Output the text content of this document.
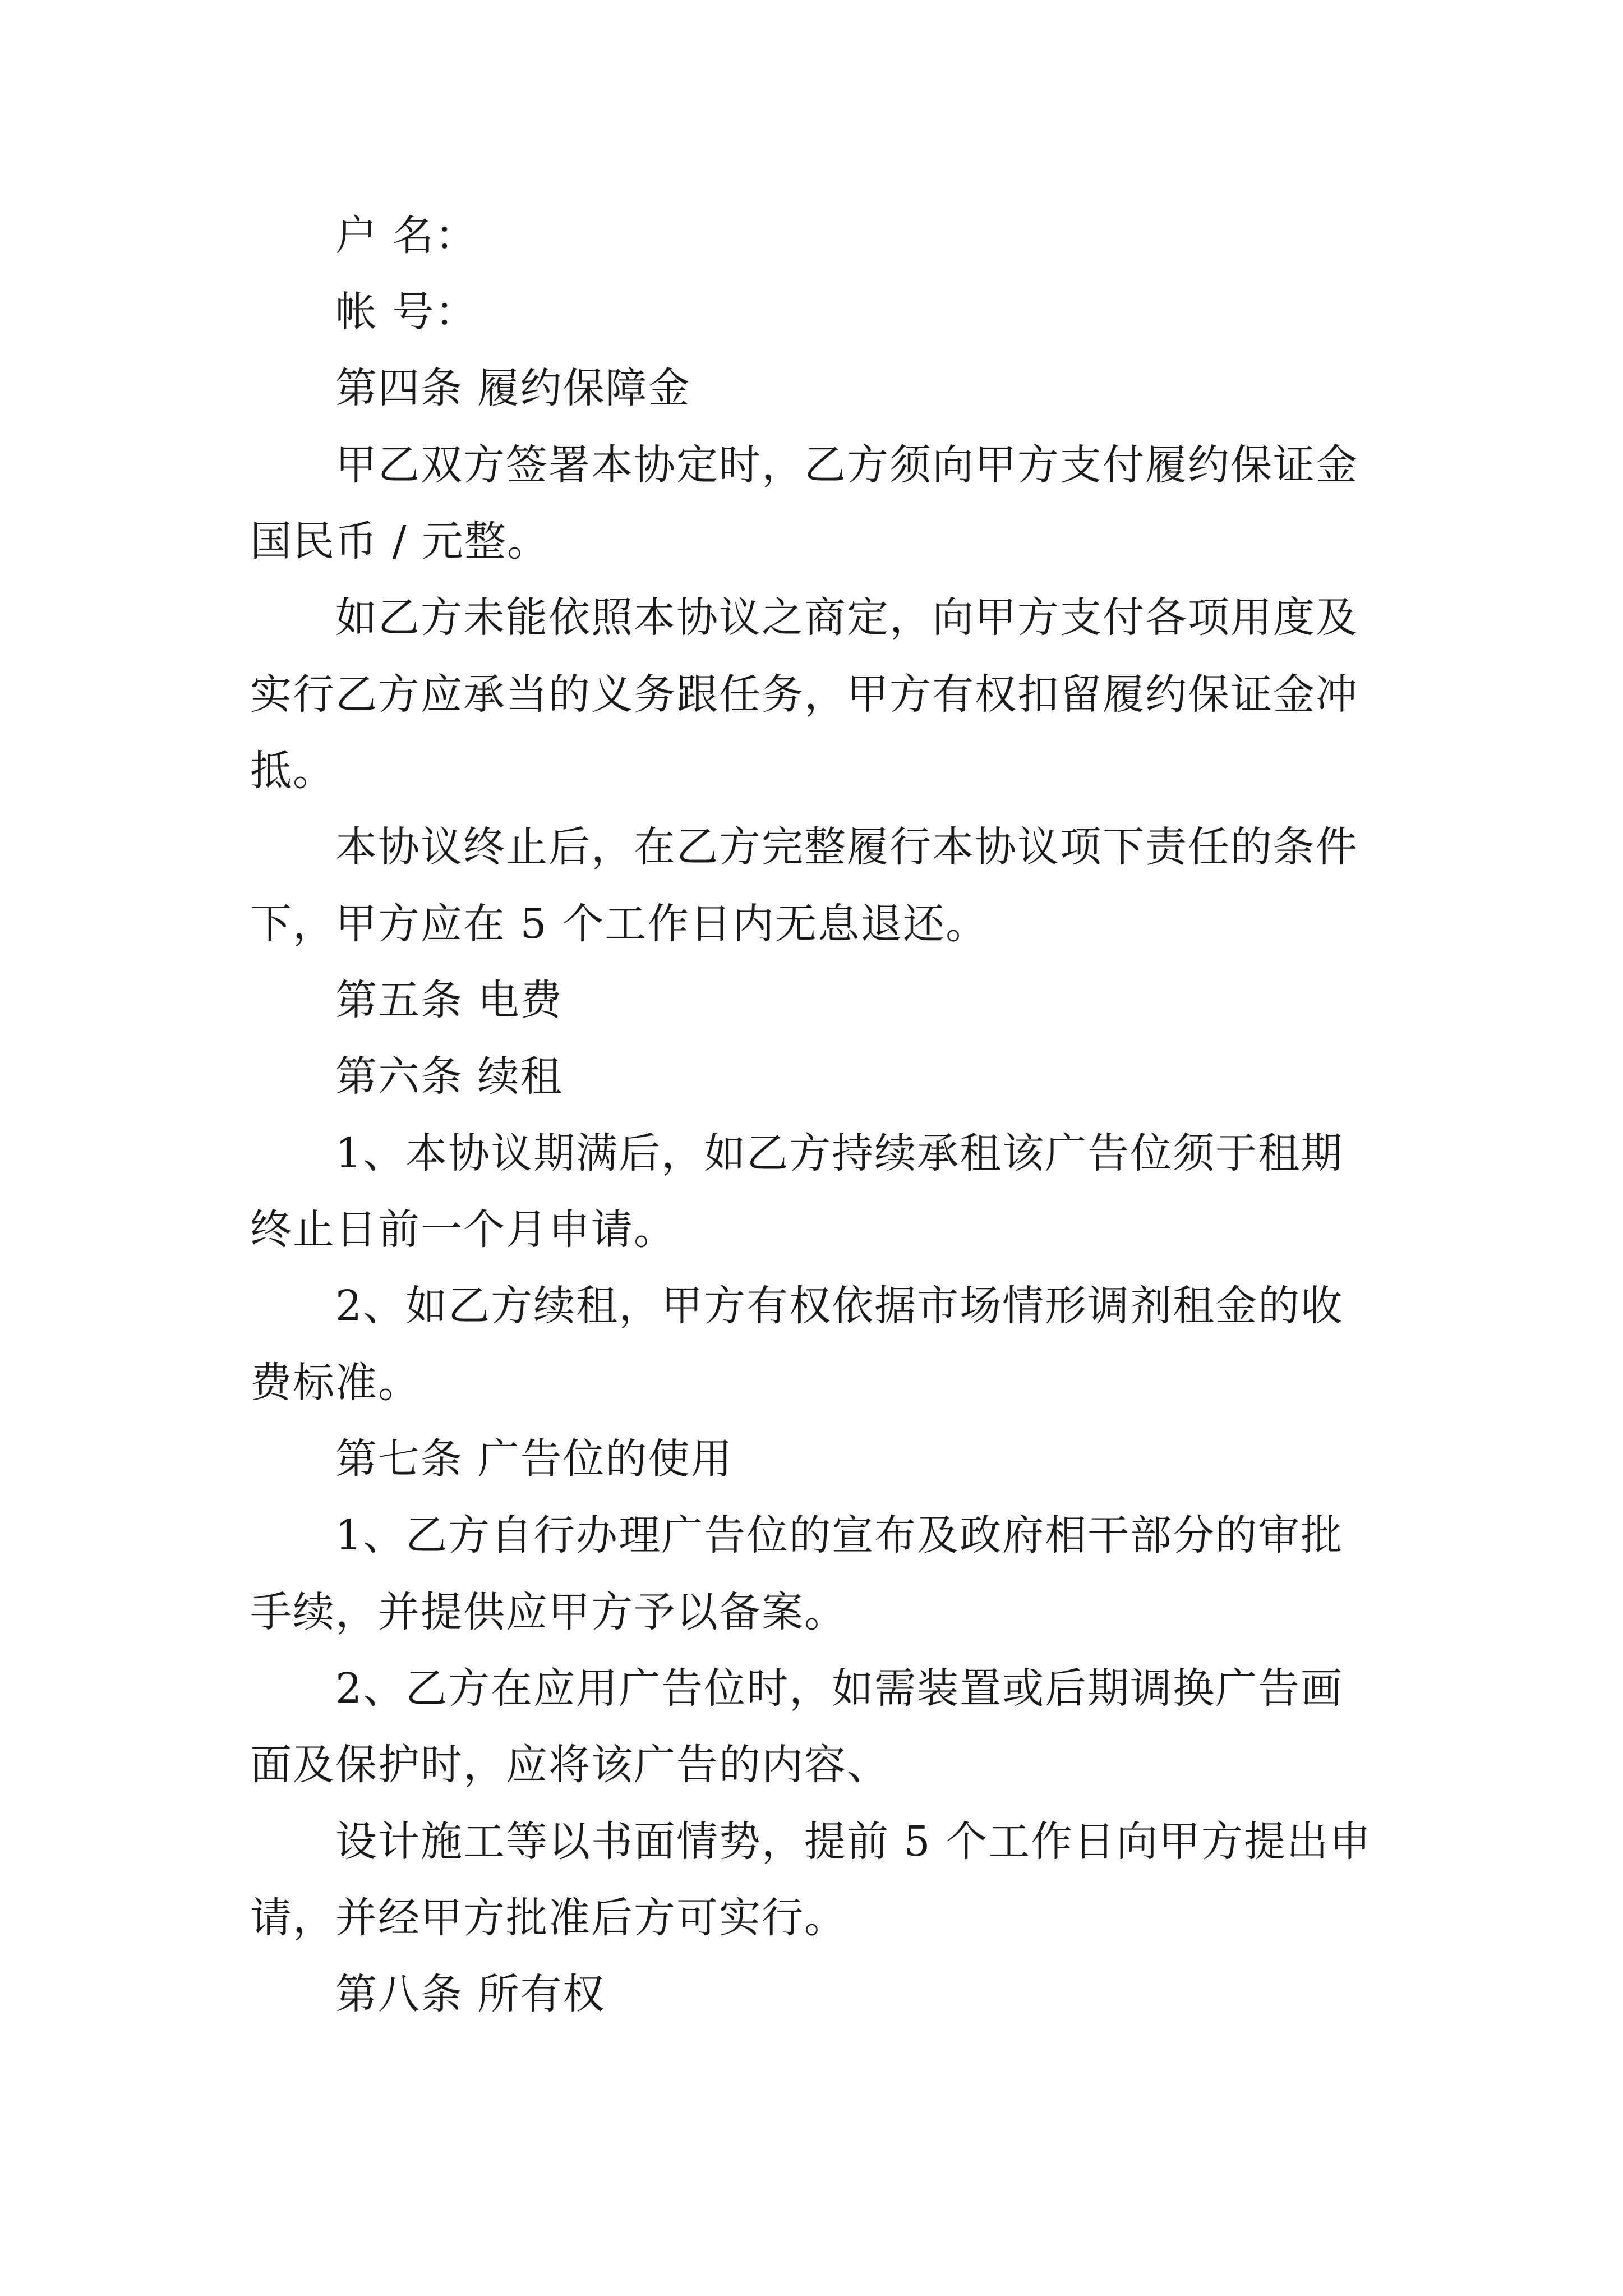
户 名：
帐 号：
第四条 履约保障金
甲乙双方签署本协定时，乙方须向甲方支付履约保证金
国民币 / 元整。
如乙方未能依照本协议之商定，向甲方支付各项用度及
实行乙方应承当的义务跟任务，甲方有权扣留履约保证金冲
抵。
本协议终止后，在乙方完整履行本协议项下责任的条件
下，甲方应在 5 个工作日内无息退还。
第五条 电费
第六条 续租
1、本协议期满后，如乙方持续承租该广告位须于租期
终止日前一个月申请。
2、如乙方续租，甲方有权依据市场情形调剂租金的收
费标准。
第七条 广告位的使用
1、乙方自行办理广告位的宣布及政府相干部分的审批
手续，并提供应甲方予以备案。
2、乙方在应用广告位时，如需装置或后期调换广告画
面及保护时，应将该广告的内容、
设计施工等以书面情势，提前 5 个工作日向甲方提出申
请，并经甲方批准后方可实行。
第八条 所有权
